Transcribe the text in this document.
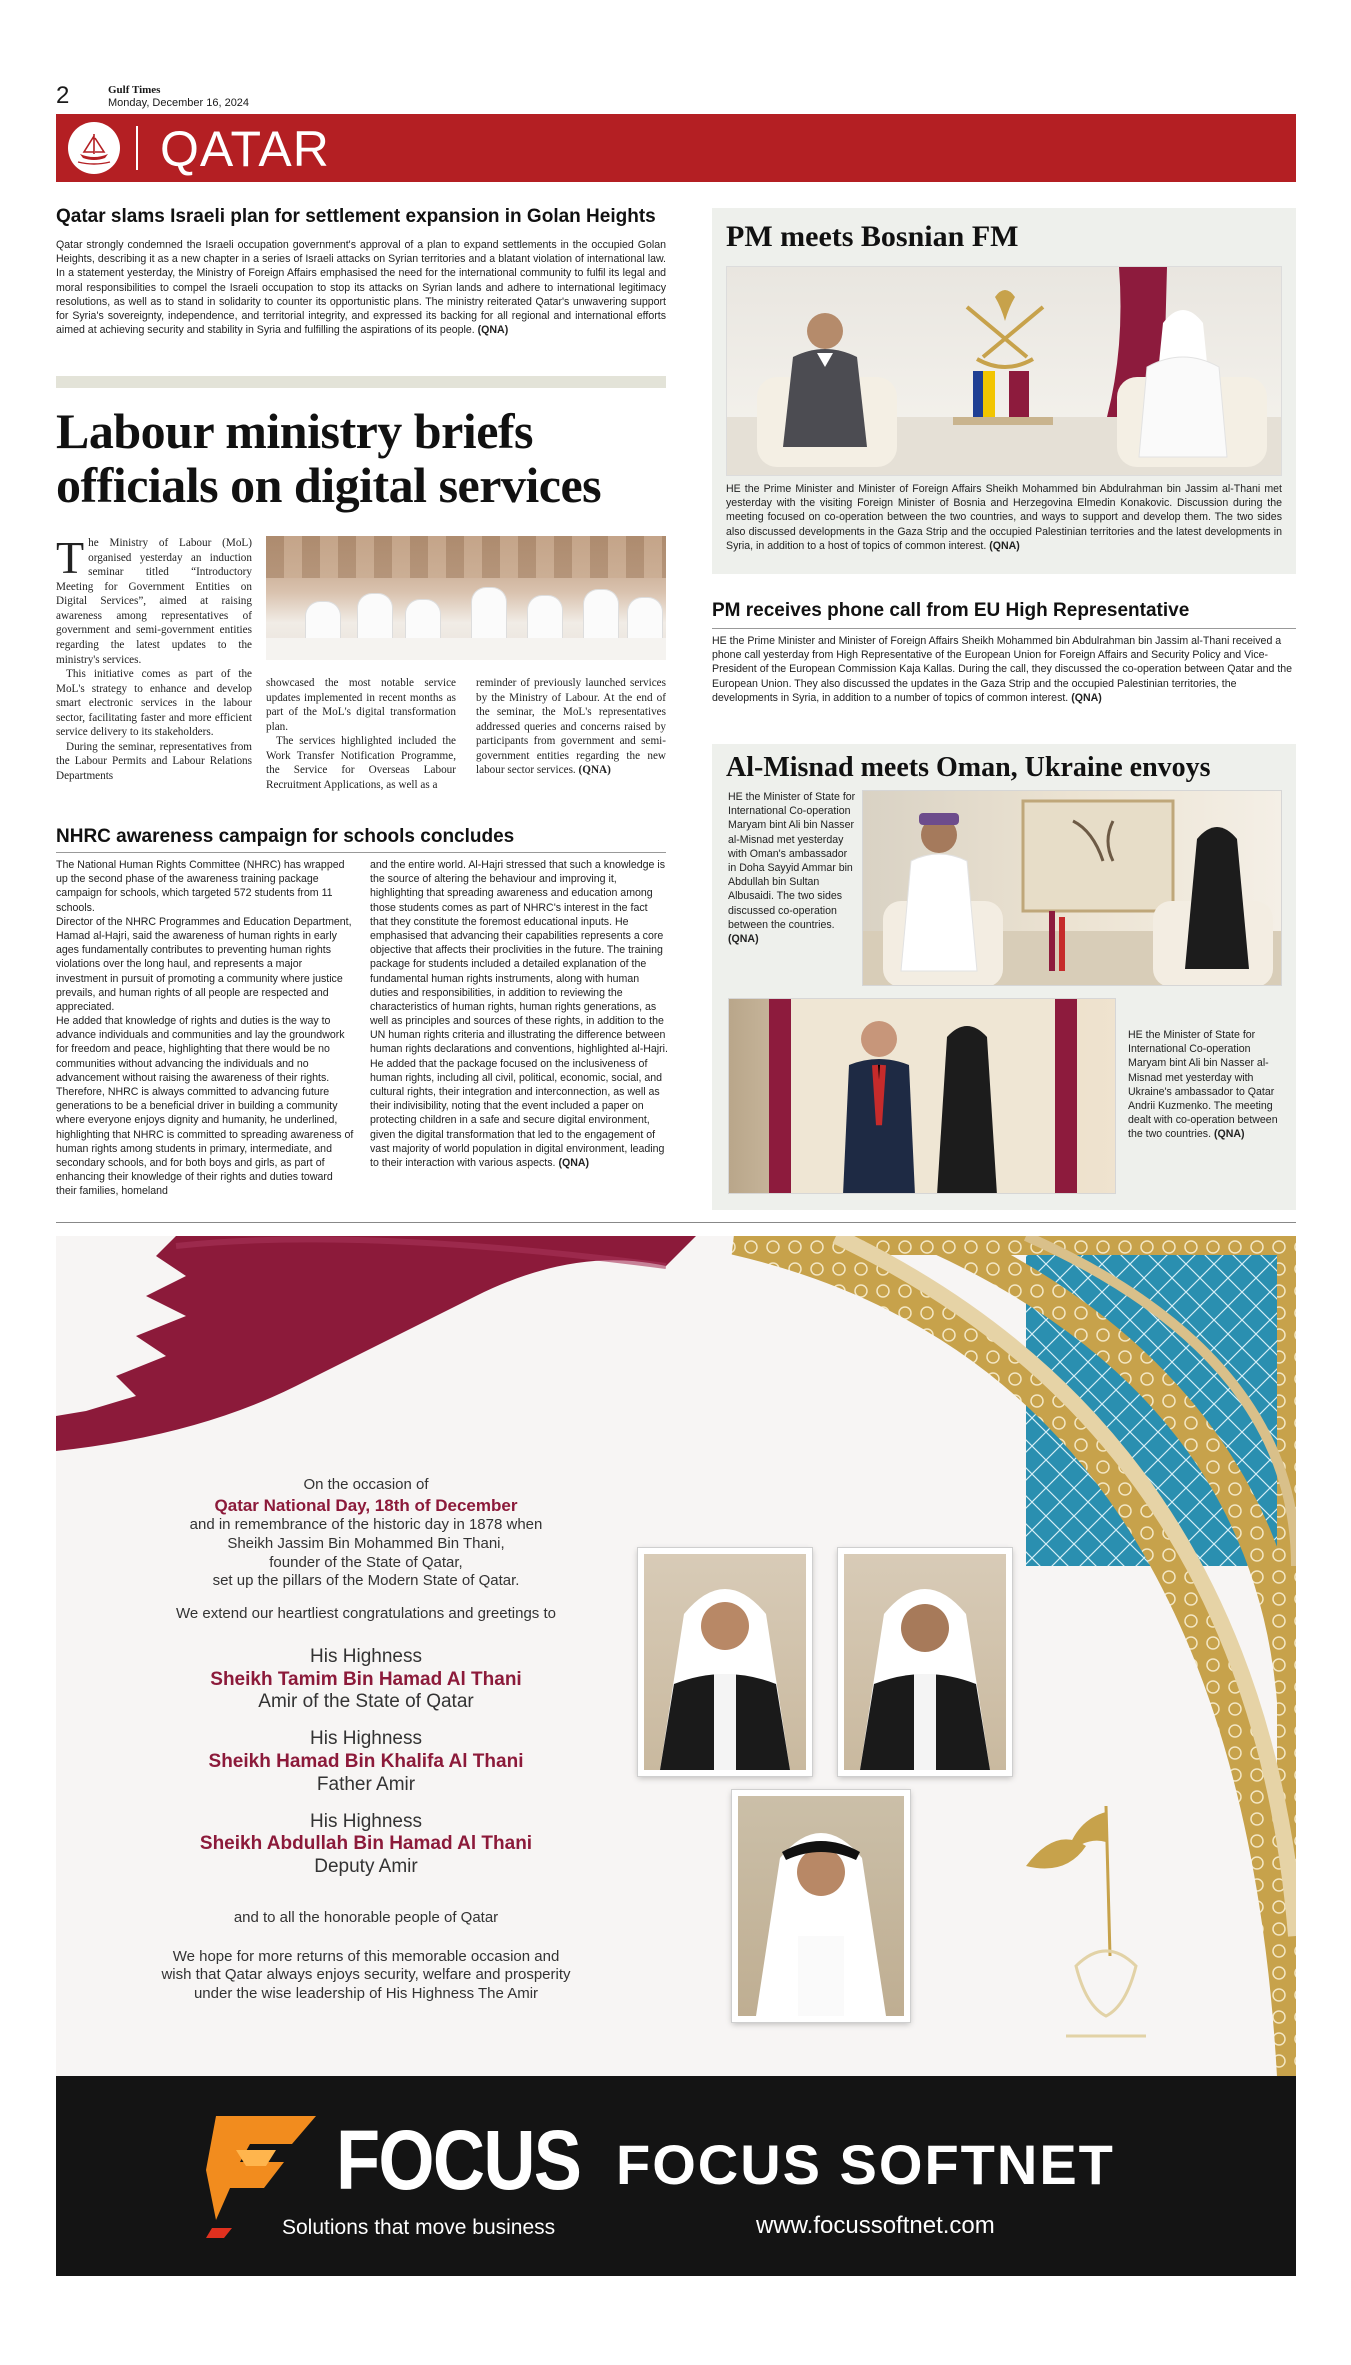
2	Gulf Times
Monday, December 16, 2024
QATAR
Qatar slams Israeli plan for settlement expansion in Golan Heights
Qatar strongly condemned the Israeli occupation government's approval of a plan to expand settlements in the occupied Golan Heights, describing it as a new chapter in a series of Israeli attacks on Syrian territories and a blatant violation of international law. In a statement yesterday, the Ministry of Foreign Affairs emphasised the need for the international community to fulfil its legal and moral responsibilities to compel the Israeli occupation to stop its attacks on Syrian lands and adhere to international legitimacy resolutions, as well as to stand in solidarity to counter its opportunistic plans. The ministry reiterated Qatar's unwavering support for Syria's sovereignty, independence, and territorial integrity, and expressed its backing for all regional and international efforts aimed at achieving security and stability in Syria and fulfilling the aspirations of its people. (QNA)
Labour ministry briefs officials on digital services
The Ministry of Labour (MoL) organised yesterday an induction seminar titled “Introductory Meeting for Government Entities on Digital Services”, aimed at raising awareness among representatives of government and semi-government entities regarding the latest updates to the ministry's services.

This initiative comes as part of the MoL's strategy to enhance and develop smart electronic services in the labour sector, facilitating faster and more efficient service delivery to its stakeholders.

During the seminar, representatives from the Labour Permits and Labour Relations Departments

showcased the most notable service updates implemented in recent months as part of the MoL's digital transformation plan.

The services highlighted included the Work Transfer Notification Programme, the Service for Overseas Labour Recruitment Applications, as well as a

reminder of previously launched services by the Ministry of Labour. At the end of the seminar, the MoL's representatives addressed queries and concerns raised by participants from government and semi-government entities regarding the new labour sector services. (QNA)
NHRC awareness campaign for schools concludes
The National Human Rights Committee (NHRC) has wrapped up the second phase of the awareness training package campaign for schools, which targeted 572 students from 11 schools.
Director of the NHRC Programmes and Education Department, Hamad al-Hajri, said the awareness of human rights in early ages fundamentally contributes to preventing human rights violations over the long haul, and represents a major investment in pursuit of promoting a community where justice prevails, and human rights of all people are respected and appreciated.
He added that knowledge of rights and duties is the way to advance individuals and communities and lay the groundwork for freedom and peace, highlighting that there would be no communities without advancing the individuals and no advancement without raising the awareness of their rights. Therefore, NHRC is always committed to advancing future generations to be a beneficial driver in building a community where everyone enjoys dignity and humanity, he underlined, highlighting that NHRC is committed to spreading awareness of human rights among students in primary, intermediate, and secondary schools, and for both boys and girls, as part of enhancing their knowledge of their rights and duties toward their families, homeland
and the entire world. Al-Hajri stressed that such a knowledge is the source of altering the behaviour and improving it, highlighting that spreading awareness and education among those students comes as part of NHRC's interest in the fact that they constitute the foremost educational inputs. He emphasised that advancing their capabilities represents a core objective that affects their proclivities in the future. The training package for students included a detailed explanation of the fundamental human rights instruments, along with human duties and responsibilities, in addition to reviewing the characteristics of human rights, human rights generations, as well as principles and sources of these rights, in addition to the UN human rights criteria and illustrating the difference between human rights declarations and conventions, highlighted al-Hajri.
He added that the package focused on the inclusiveness of human rights, including all civil, political, economic, social, and cultural rights, their integration and interconnection, as well as their indivisibility, noting that the event included a paper on protecting children in a safe and secure digital environment, given the digital transformation that led to the engagement of vast majority of world population in digital environment, leading to their interaction with various aspects. (QNA)
PM meets Bosnian FM
HE the Prime Minister and Minister of Foreign Affairs Sheikh Mohammed bin Abdulrahman bin Jassim al-Thani met yesterday with the visiting Foreign Minister of Bosnia and Herzegovina Elmedin Konakovic. Discussion during the meeting focused on co-operation between the two countries, and ways to support and develop them. The two sides also discussed developments in the Gaza Strip and the occupied Palestinian territories and the latest developments in Syria, in addition to a host of topics of common interest. (QNA)
PM receives phone call from EU High Representative
HE the Prime Minister and Minister of Foreign Affairs Sheikh Mohammed bin Abdulrahman bin Jassim al-Thani received a phone call yesterday from High Representative of the European Union for Foreign Affairs and Security Policy and Vice-President of the European Commission Kaja Kallas. During the call, they discussed the co-operation between Qatar and the European Union. They also discussed the updates in the Gaza Strip and the occupied Palestinian territories, the developments in Syria, in addition to a number of topics of common interest. (QNA)
Al-Misnad meets Oman, Ukraine envoys
HE the Minister of State for International Co-operation Maryam bint Ali bin Nasser al-Misnad met yesterday with Oman's ambassador in Doha Sayyid Ammar bin Abdullah bin Sultan Albusaidi. The two sides discussed co-operation between the countries. (QNA)
HE the Minister of State for International Co-operation Maryam bint Ali bin Nasser al-Misnad met yesterday with Ukraine's ambassador to Qatar Andrii Kuzmenko. The meeting dealt with co-operation between the two countries. (QNA)
On the occasion of
Qatar National Day, 18th of December
and in remembrance of the historic day in 1878 when
Sheikh Jassim Bin Mohammed Bin Thani,
founder of the State of Qatar,
set up the pillars of the Modern State of Qatar.
We extend our heartliest congratulations and greetings to
His Highness
Sheikh Tamim Bin Hamad Al Thani
Amir of the State of Qatar
His Highness
Sheikh Hamad Bin Khalifa Al Thani
Father Amir
His Highness
Sheikh Abdullah Bin Hamad Al Thani
Deputy Amir
and to all the honorable people of Qatar
We hope for more returns of this memorable occasion and
wish that Qatar always enjoys security, welfare and prosperity
under the wise leadership of His Highness The Amir
FOCUS
Solutions that move business
FOCUS SOFTNET
www.focussoftnet.com
